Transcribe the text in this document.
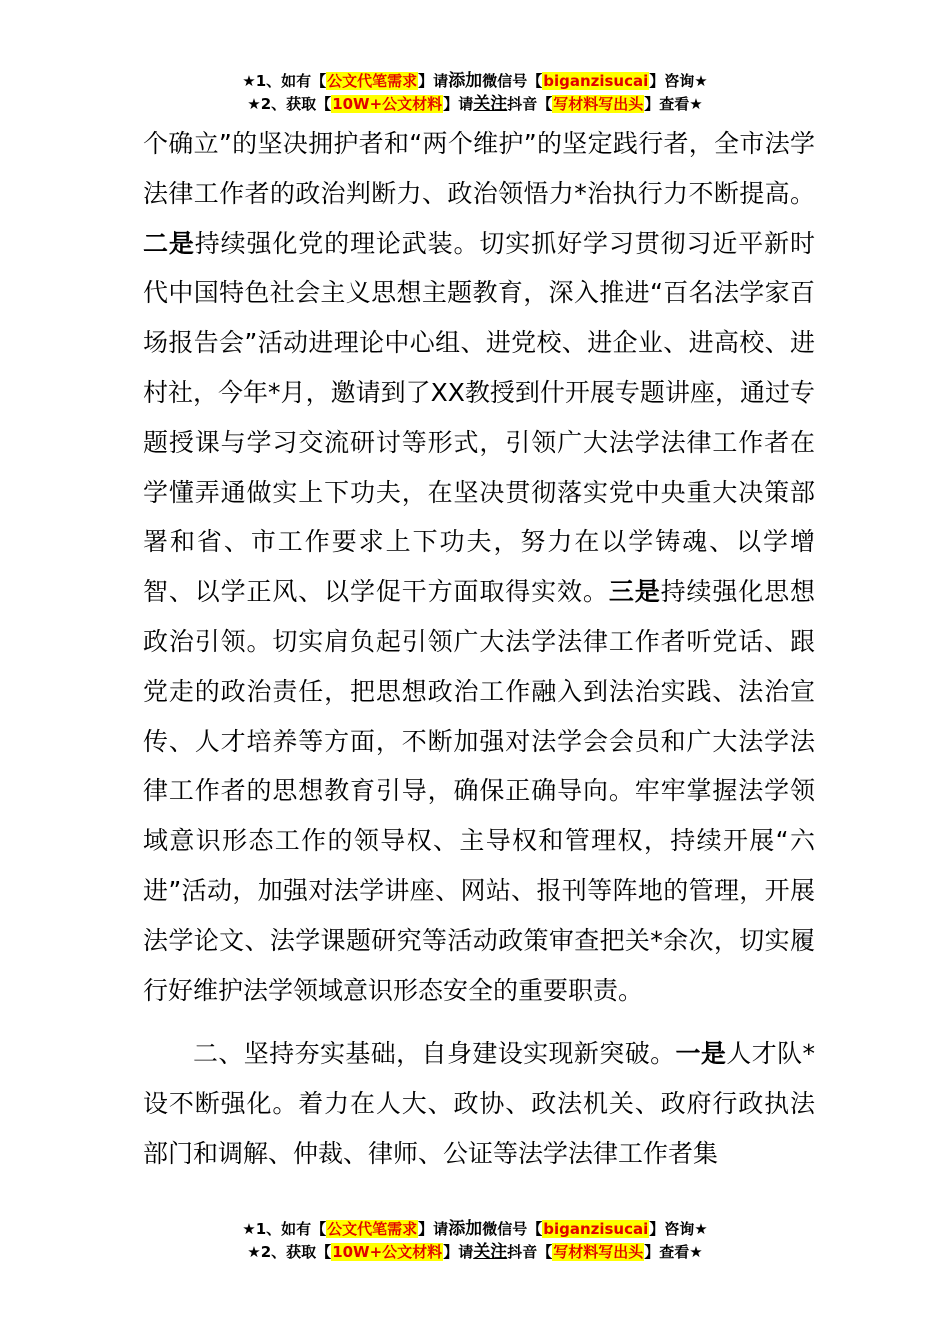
★1、如有【公文代笔需求】请添加微信号【biganzisucai】咨询★
★2、获取【10W+公文材料】请关注抖音【写材料写出头】查看★

个确立”的坚决拥护者和“两个维护”的坚定践行者，全市法学法律工作者的政治判断力、政治领悟力*治执行力不断提高。二是持续强化党的理论武装。切实抓好学习贯彻习近平新时代中国特色社会主义思想主题教育，深入推进“百名法学家百场报告会”活动进理论中心组、进党校、进企业、进高校、进村社，今年*月，邀请到了XX教授到什开展专题讲座，通过专题授课与学习交流研讨等形式，引领广大法学法律工作者在学懂弄通做实上下功夫，在坚决贯彻落实党中央重大决策部署和省、市工作要求上下功夫，努力在以学铸魂、以学增智、以学正风、以学促干方面取得实效。三是持续强化思想政治引领。切实肩负起引领广大法学法律工作者听党话、跟党走的政治责任，把思想政治工作融入到法治实践、法治宣传、人才培养等方面，不断加强对法学会会员和广大法学法律工作者的思想教育引导，确保正确导向。牢牢掌握法学领域意识形态工作的领导权、主导权和管理权，持续开展“六进”活动，加强对法学讲座、网站、报刊等阵地的管理，开展法学论文、法学课题研究等活动政策审查把关*余次，切实履行好维护法学领域意识形态安全的重要职责。

二、坚持夯实基础，自身建设实现新突破。一是人才队*设不断强化。着力在人大、政协、政法机关、政府行政执法部门和调解、仲裁、律师、公证等法学法律工作者集

★1、如有【公文代笔需求】请添加微信号【biganzisucai】咨询★
★2、获取【10W+公文材料】请关注抖音【写材料写出头】查看★
